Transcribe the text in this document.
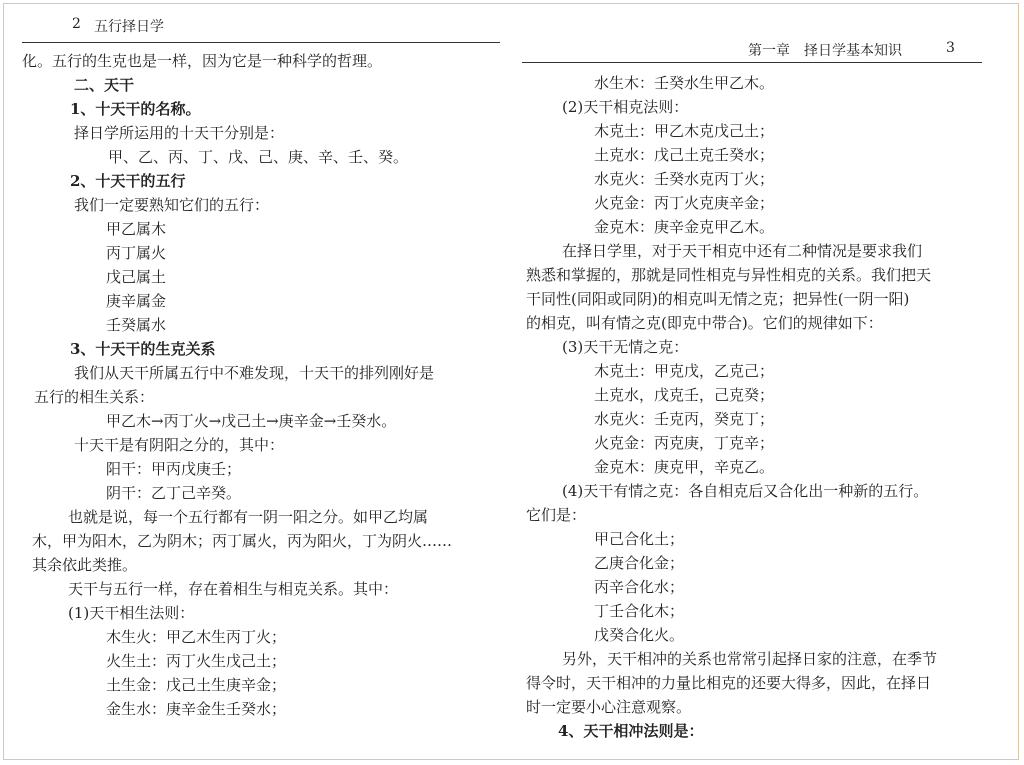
2 五行择日学
化。五行的生克也是一样，因为它是一种科学的哲理。
二、天干
1、十天干的名称。
择日学所运用的十天干分别是：
甲、乙、丙、丁、戊、己、庚、辛、壬、癸。
2、十天干的五行
我们一定要熟知它们的五行：
甲乙属木
丙丁属火
戊己属土
庚辛属金
壬癸属水
3、十天干的生克关系
我们从天干所属五行中不难发现，十天干的排列刚好是
五行的相生关系：
甲乙木→丙丁火→戊己土→庚辛金→壬癸水。
十天干是有阴阳之分的，其中：
阳干：甲丙戊庚壬；
阴干：乙丁己辛癸。
也就是说，每一个五行都有一阴一阳之分。如甲乙均属
木，甲为阳木，乙为阴木；丙丁属火，丙为阳火，丁为阴火……
其余依此类推。
天干与五行一样，存在着相生与相克关系。其中：
(1)天干相生法则：
木生火：甲乙木生丙丁火；
火生土：丙丁火生戊己土；
土生金：戊己土生庚辛金；
金生水：庚辛金生壬癸水；
第一章　择日学基本知识	3
水生木：壬癸水生甲乙木。
(2)天干相克法则：
木克土：甲乙木克戊己土；
土克水：戊己土克壬癸水；
水克火：壬癸水克丙丁火；
火克金：丙丁火克庚辛金；
金克木：庚辛金克甲乙木。
在择日学里，对于天干相克中还有二种情况是要求我们
熟悉和掌握的，那就是同性相克与异性相克的关系。我们把天
干同性(同阳或同阴)的相克叫无情之克；把异性(一阴一阳)
的相克，叫有情之克(即克中带合)。它们的规律如下：
(3)天干无情之克：
木克土：甲克戊，乙克己；
土克水，戊克壬，己克癸；
水克火：壬克丙，癸克丁；
火克金：丙克庚，丁克辛；
金克木：庚克甲，辛克乙。
(4)天干有情之克：各自相克后又合化出一种新的五行。
它们是：
甲己合化土；
乙庚合化金；
丙辛合化水；
丁壬合化木；
戊癸合化火。
另外，天干相冲的关系也常常引起择日家的注意，在季节
得令时，天干相冲的力量比相克的还要大得多，因此，在择日
时一定要小心注意观察。
4、天干相冲法则是：
